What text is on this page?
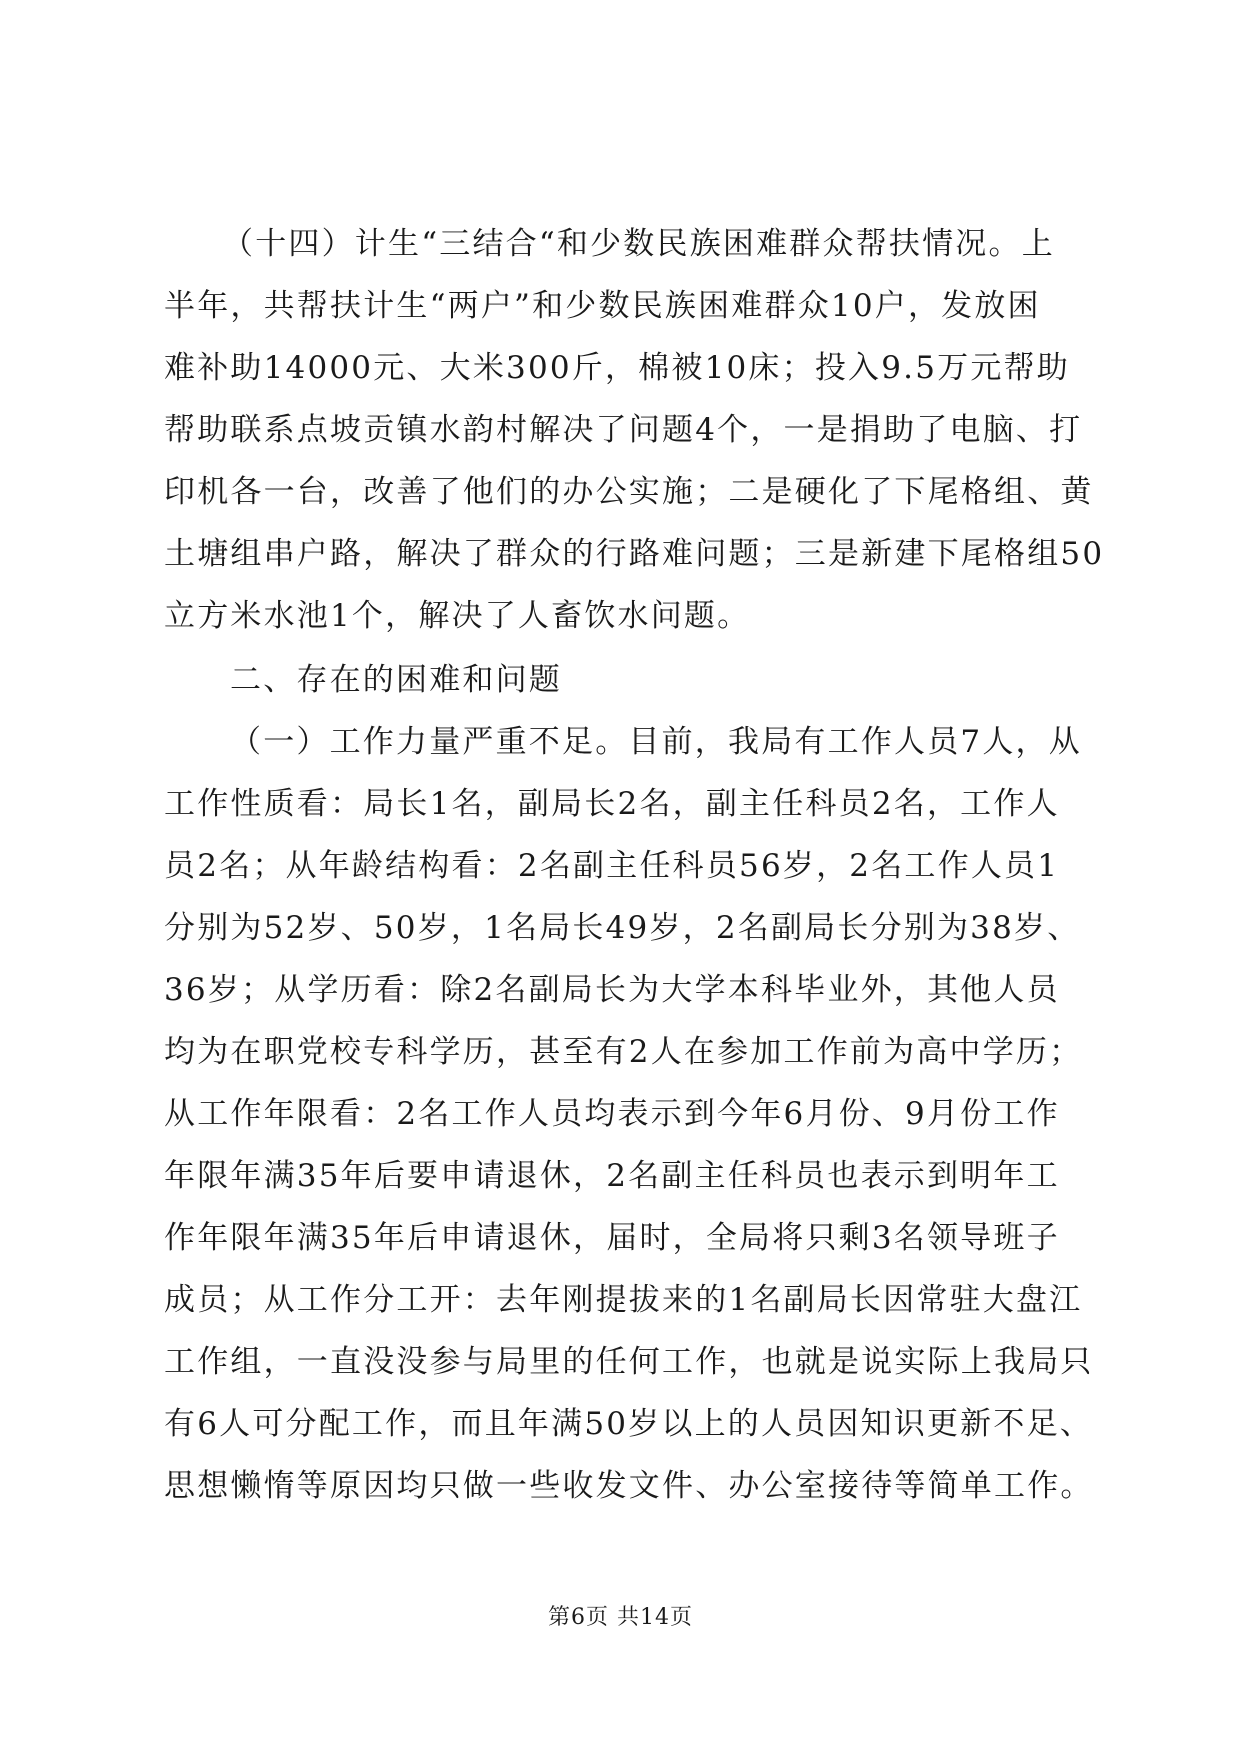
（十四）计生“三结合“和少数民族困难群众帮扶情况。上
半年，共帮扶计生“两户”和少数民族困难群众10户，发放困
难补助14000元、大米300斤，棉被10床；投入9.5万元帮助
帮助联系点坡贡镇水韵村解决了问题4个，一是捐助了电脑、打
印机各一台，改善了他们的办公实施；二是硬化了下尾格组、黄
土塘组串户路，解决了群众的行路难问题；三是新建下尾格组50
立方米水池1个，解决了人畜饮水问题。
二、存在的困难和问题
（一）工作力量严重不足。目前，我局有工作人员7人，从
工作性质看：局长1名，副局长2名，副主任科员2名，工作人
员2名；从年龄结构看：2名副主任科员56岁，2名工作人员1
分别为52岁、50岁，1名局长49岁，2名副局长分别为38岁、
36岁；从学历看：除2名副局长为大学本科毕业外，其他人员
均为在职党校专科学历，甚至有2人在参加工作前为高中学历；
从工作年限看：2名工作人员均表示到今年6月份、9月份工作
年限年满35年后要申请退休，2名副主任科员也表示到明年工
作年限年满35年后申请退休，届时，全局将只剩3名领导班子
成员；从工作分工开：去年刚提拔来的1名副局长因常驻大盘江
工作组，一直没没参与局里的任何工作，也就是说实际上我局只
有6人可分配工作，而且年满50岁以上的人员因知识更新不足、
思想懒惰等原因均只做一些收发文件、办公室接待等简单工作。
第6页 共14页
